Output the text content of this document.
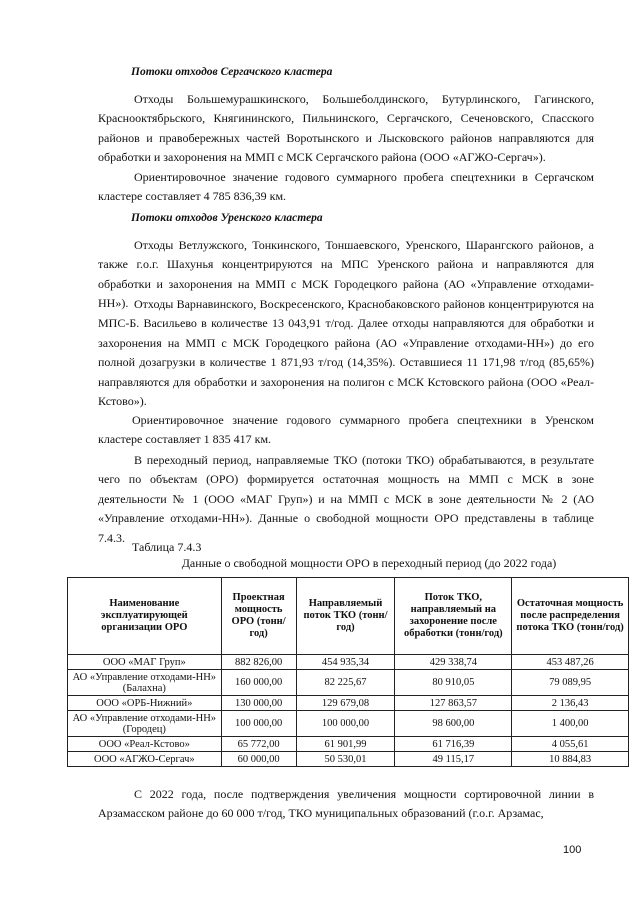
Потоки отходов Сергачского кластера

Отходы Большемурашкинского, Большеболдинского, Бутурлинского, Гагинского, Краснооктябрьского, Княгининского, Пильнинского, Сергачского, Сеченовского, Спасского районов и правобережных частей Воротынского и Лысковского районов направляются для обработки и захоронения на ММП с МСК Сергачского района (ООО «АГЖО-Сергач»).

Ориентировочное значение годового суммарного пробега спецтехники в Сергачском кластере составляет 4 785 836,39 км.

Потоки отходов Уренского кластера

Отходы Ветлужского, Тонкинского, Тоншаевского, Уренского, Шарангского районов, а также г.о.г. Шахунья концентрируются на МПС Уренского района и направляются для обработки и захоронения на ММП с МСК Городецкого района (АО «Управление отходами-НН»). Отходы Варнавинского, Воскресенского, Краснобаковского районов концентрируются на МПС-Б. Васильево в количестве 13 043,91 т/год. Далее отходы направляются для обработки и захоронения на ММП с МСК Городецкого района (АО «Управление отходами-НН») до его полной дозагрузки в количестве 1 871,93 т/год (14,35%). Оставшиеся 11 171,98 т/год (85,65%) направляются для обработки и захоронения на полигон с МСК Кстовского района (ООО «Реал-Кстово»).

Ориентировочное значение годового суммарного пробега спецтехники в Уренском кластере составляет 1 835 417 км.

В переходный период, направляемые ТКО (потоки ТКО) обрабатываются, в результате чего по объектам (ОРО) формируется остаточная мощность на ММП с МСК в зоне деятельности № 1 (ООО «МАГ Груп») и на ММП с МСК в зоне деятельности № 2 (АО «Управление отходами-НН»). Данные о свободной мощности ОРО представлены в таблице 7.4.3.

Таблица 7.4.3
Данные о свободной мощности ОРО в переходный период (до 2022 года)
Наименование эксплуатирующей организации ОРО	Проектная мощность ОРО (тонн/год)	Направляемый поток ТКО (тонн/год)	Поток ТКО, направляемый на захоронение после обработки (тонн/год)	Остаточная мощность после распределения потока ТКО (тонн/год)
ООО «МАГ Груп»	882 826,00	454 935,34	429 338,74	453 487,26
АО «Управление отходами-НН» (Балахна)	160 000,00	82 225,67	80 910,05	79 089,95
ООО «ОРБ-Нижний»	130 000,00	129 679,08	127 863,57	2 136,43
АО «Управление отходами-НН» (Городец)	100 000,00	100 000,00	98 600,00	1 400,00
ООО «Реал-Кстово»	65 772,00	61 901,99	61 716,39	4 055,61
ООО «АГЖО-Сергач»	60 000,00	50 530,01	49 115,17	10 884,83

С 2022 года, после подтверждения увеличения мощности сортировочной линии в Арзамасском районе до 60 000 т/год, ТКО муниципальных образований (г.о.г. Арзамас,

100
